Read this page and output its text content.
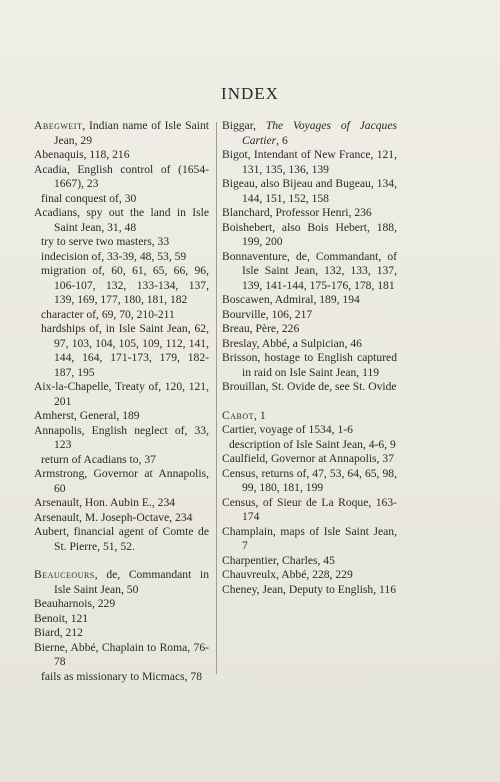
INDEX

Abegweit, Indian name of Isle Saint Jean, 29

Abenaquis, 118, 216

Acadia, English control of (1654-1667), 23

final conquest of, 30

Acadians, spy out the land in Isle Saint Jean, 31, 48

try to serve two masters, 33

indecision of, 33-39, 48, 53, 59

migration of, 60, 61, 65, 66, 96, 106-107, 132, 133-134, 137, 139, 169, 177, 180, 181, 182

character of, 69, 70, 210-211

hardships of, in Isle Saint Jean, 62, 97, 103, 104, 105, 109, 112, 141, 144, 164, 171-173, 179, 182-187, 195

Aix-la-Chapelle, Treaty of, 120, 121, 201

Amherst, General, 189

Annapolis, English neglect of, 33, 123

return of Acadians to, 37

Armstrong, Governor at Annapolis, 60

Arsenault, Hon. Aubin E., 234

Arsenault, M. Joseph-Octave, 234

Aubert, financial agent of Comte de St. Pierre, 51, 52.

Beauceours, de, Commandant in Isle Saint Jean, 50

Beauharnois, 229

Benoit, 121

Biard, 212

Bierne, Abbé, Chaplain to Roma, 76-78

fails as missionary to Micmacs, 78

Biggar, The Voyages of Jacques Cartier, 6

Bigot, Intendant of New France, 121, 131, 135, 136, 139

Bigeau, also Bijeau and Bugeau, 134, 144, 151, 152, 158

Blanchard, Professor Henri, 236

Boishebert, also Bois Hebert, 188, 199, 200

Bonnaventure, de, Commandant, of Isle Saint Jean, 132, 133, 137, 139, 141-144, 175-176, 178, 181

Boscawen, Admiral, 189, 194

Bourville, 106, 217

Breau, Père, 226

Breslay, Abbé, a Sulpician, 46

Brisson, hostage to English captured in raid on Isle Saint Jean, 119

Brouillan, St. Ovide de, see St. Ovide

Cabot, 1

Cartier, voyage of 1534, 1-6

description of Isle Saint Jean, 4-6, 9

Caulfield, Governor at Annapolis, 37

Census, returns of, 47, 53, 64, 65, 98, 99, 180, 181, 199

Census, of Sieur de La Roque, 163-174

Champlain, maps of Isle Saint Jean, 7

Charpentier, Charles, 45

Chauvreulx, Abbé, 228, 229

Cheney, Jean, Deputy to English, 116
